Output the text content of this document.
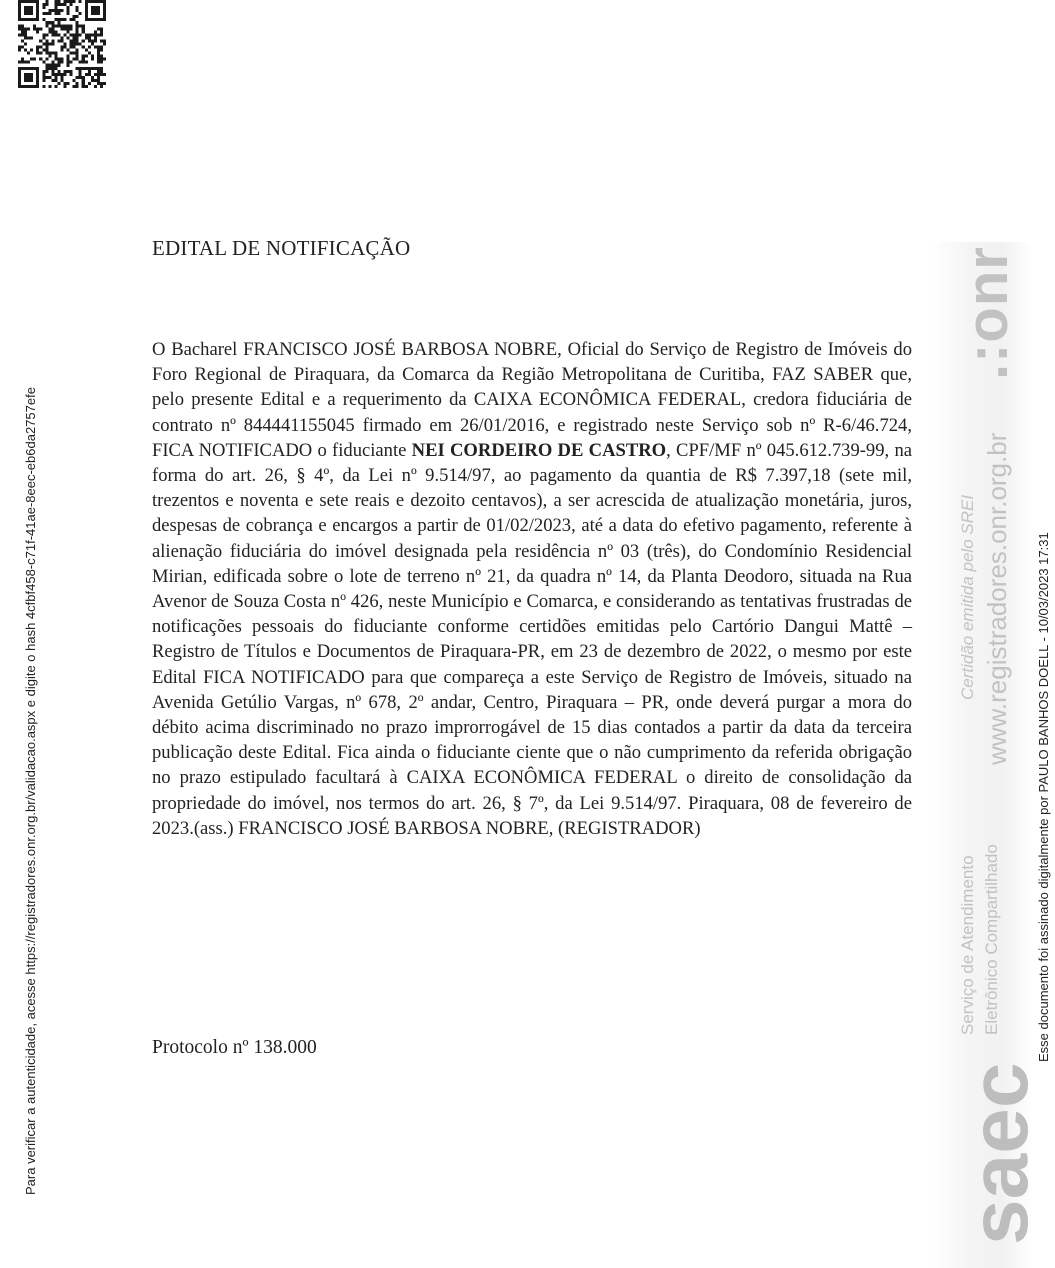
Para verificar a autenticidade, acesse https://registradores.onr.org.br/validacao.aspx e digite o hash 4cfbf458-c71f-41ae-8eec-eb6da2757efe
.:onr
Certidão emitida pelo SREI www.registradores.onr.org.br
Serviço de Atendimento Eletrônico Compartilhado
saec
Esse documento foi assinado digitalmente por PAULO BANHOS DOELL - 10/03/2023 17:31
EDITAL DE NOTIFICAÇÃO
O Bacharel FRANCISCO JOSÉ BARBOSA NOBRE, Oficial do Serviço de Registro de Imóveis do Foro Regional de Piraquara, da Comarca da Região Metropolitana de Curitiba, FAZ SABER que, pelo presente Edital e a requerimento da CAIXA ECONÔMICA FEDERAL, credora fiduciária de contrato nº 844441155045 firmado em 26/01/2016, e registrado neste Serviço sob nº R-6/46.724, FICA NOTIFICADO o fiduciante NEI CORDEIRO DE CASTRO, CPF/MF nº 045.612.739-99, na forma do art. 26, § 4º, da Lei nº 9.514/97, ao pagamento da quantia de R$ 7.397,18 (sete mil, trezentos e noventa e sete reais e dezoito centavos), a ser acrescida de atualização monetária, juros, despesas de cobrança e encargos a partir de 01/02/2023, até a data do efetivo pagamento, referente à alienação fiduciária do imóvel designada pela residência nº 03 (três), do Condomínio Residencial Mirian, edificada sobre o lote de terreno nº 21, da quadra nº 14, da Planta Deodoro, situada na Rua Avenor de Souza Costa nº 426, neste Município e Comarca, e considerando as tentativas frustradas de notificações pessoais do fiduciante conforme certidões emitidas pelo Cartório Dangui Mattê – Registro de Títulos e Documentos de Piraquara-PR, em 23 de dezembro de 2022, o mesmo por este Edital FICA NOTIFICADO para que compareça a este Serviço de Registro de Imóveis, situado na Avenida Getúlio Vargas, nº 678, 2º andar, Centro, Piraquara – PR, onde deverá purgar a mora do débito acima discriminado no prazo improrrogável de 15 dias contados a partir da data da terceira publicação deste Edital. Fica ainda o fiduciante ciente que o não cumprimento da referida obrigação no prazo estipulado facultará à CAIXA ECONÔMICA FEDERAL o direito de consolidação da propriedade do imóvel, nos termos do art. 26, § 7º, da Lei 9.514/97. Piraquara, 08 de fevereiro de 2023.(ass.) FRANCISCO JOSÉ BARBOSA NOBRE, (REGISTRADOR)
Protocolo nº 138.000
